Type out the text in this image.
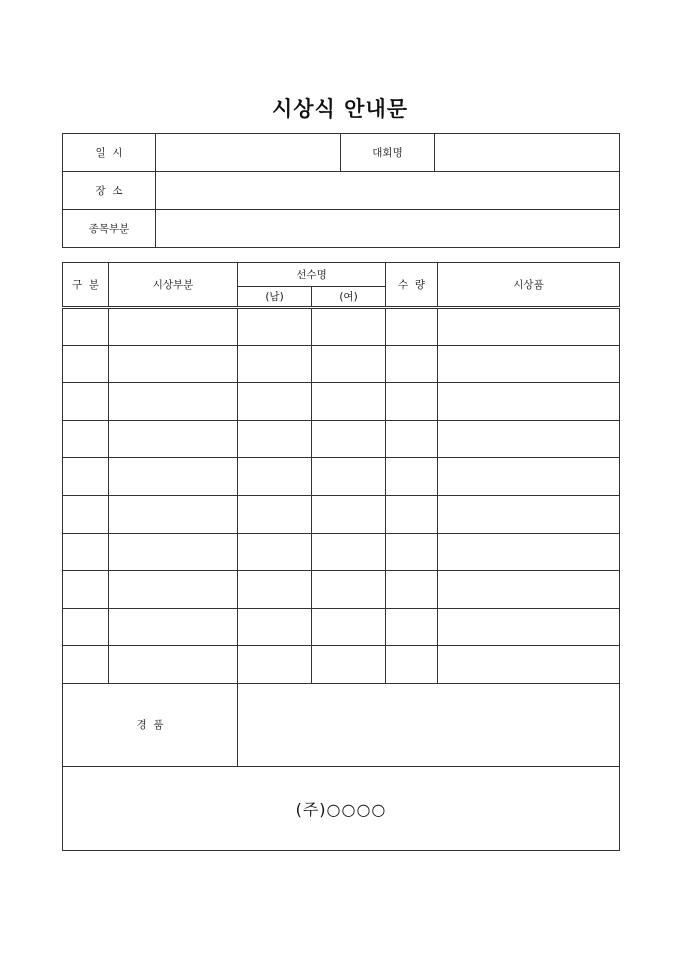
시상식 안내문
일  시		대회명	
장  소			
종목부분			
구  분	시상부분	선수명		수  량	시상품
		(남)	(여)		

경  품					
(주)○○○○					
